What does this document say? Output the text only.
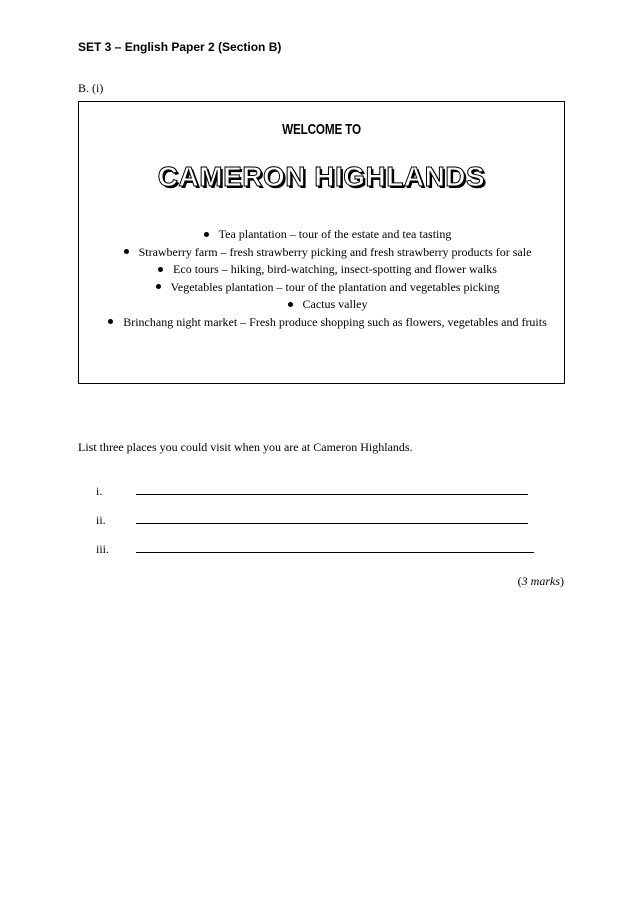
SET 3 – English Paper 2 (Section B)
B. (i)
WELCOME TO
CAMERON HIGHLANDS
Tea plantation – tour of the estate and tea tasting
Strawberry farm – fresh strawberry picking and fresh strawberry products for sale
Eco tours – hiking, bird-watching, insect-spotting and flower walks
Vegetables plantation – tour of the plantation and vegetables picking
Cactus valley
Brinchang night market – Fresh produce shopping such as flowers, vegetables and fruits
List three places you could visit when you are at Cameron Highlands.
i.
ii.
iii.
(3 marks)
